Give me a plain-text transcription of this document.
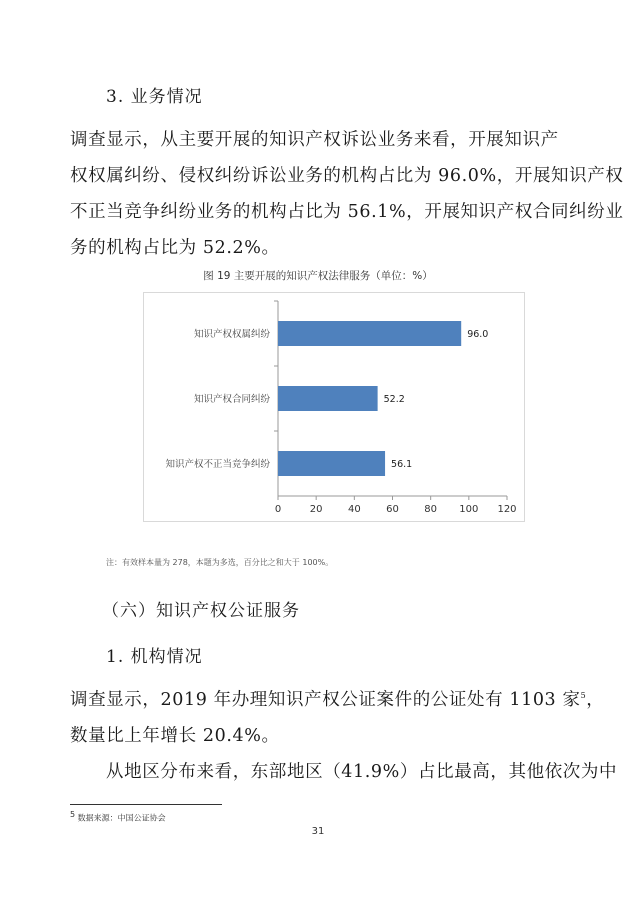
3. 业务情况
调查显示，从主要开展的知识产权诉讼业务来看，开展知识产
权权属纠纷、侵权纠纷诉讼业务的机构占比为 96.0%，开展知识产权
不正当竞争纠纷业务的机构占比为 56.1%，开展知识产权合同纠纷业
务的机构占比为 52.2%。
图 19 主要开展的知识产权法律服务（单位：%）
知识产权权属纠纷	96.0
知识产权合同纠纷	52.2
知识产权不正当竞争纠纷	56.1
0	20	40	60	80 100 120
注：有效样本量为 278，本题为多选，百分比之和大于 100%。
（六）知识产权公证服务
1. 机构情况
调查显示，2019 年办理知识产权公证案件的公证处有 1103 家$^5$，
数量比上年增长 20.4%。
从地区分布来看，东部地区（41.9%）占比最高，其他依次为中
$^5$ 数据来源：中国公证协会
31
